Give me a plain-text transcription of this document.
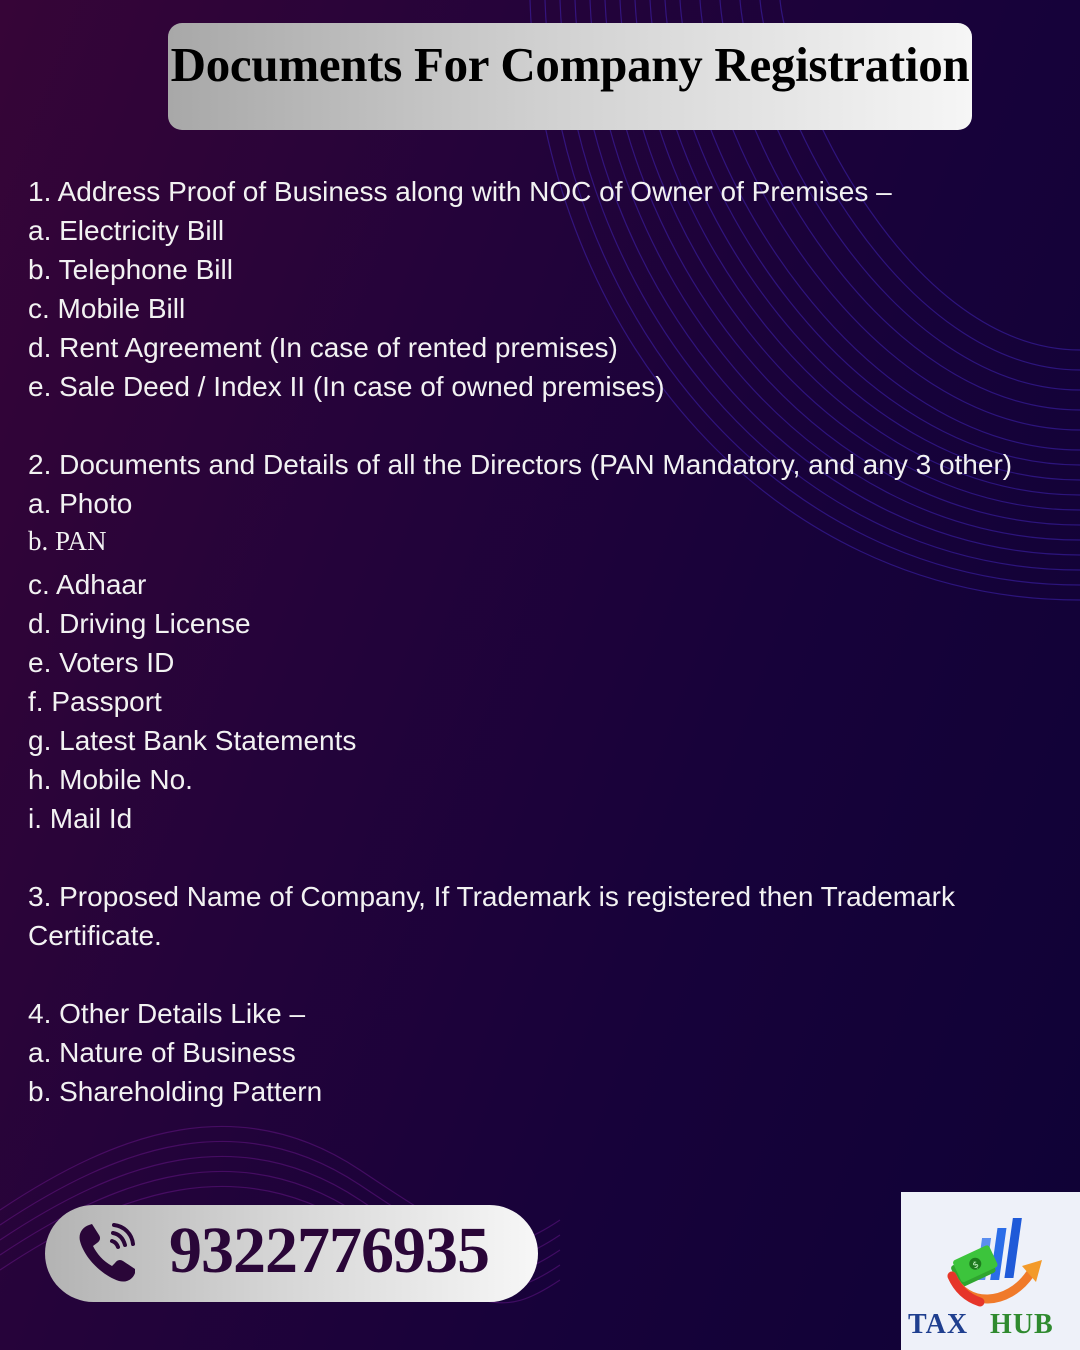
Documents For Company Registration
1. Address Proof of Business along with NOC of Owner of Premises –
a. Electricity Bill
b. Telephone Bill
c. Mobile Bill
d. Rent Agreement (In case of rented premises)
e. Sale Deed / Index II (In case of owned premises)
2. Documents and Details of all the Directors (PAN Mandatory, and any 3 other)
a. Photo
b. PAN
c. Adhaar
d. Driving License
e. Voters ID
f. Passport
g. Latest Bank Statements
h. Mobile No.
i. Mail Id
3. Proposed Name of Company, If Trademark is registered then Trademark Certificate.
4. Other Details Like –
a. Nature of Business
b. Shareholding Pattern
9322776935	$
TAX HUB
